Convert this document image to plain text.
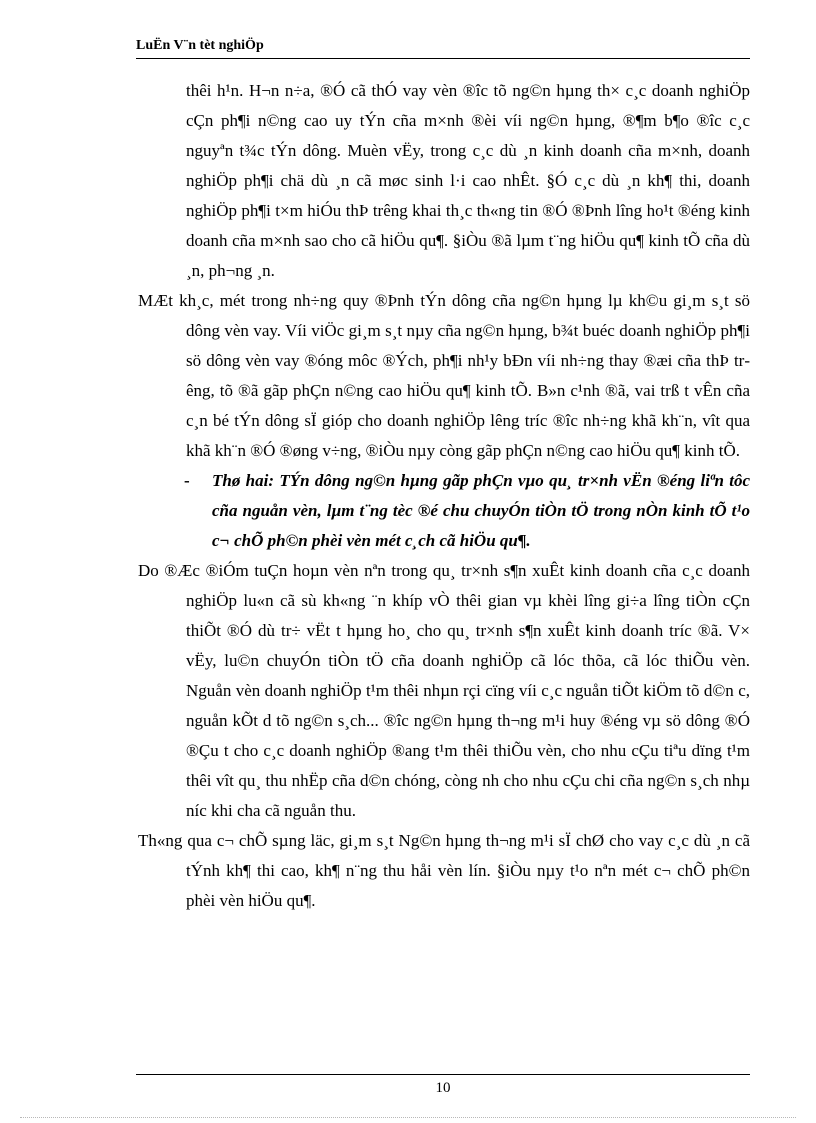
LuËn V¨n tèt nghiÖp

thêi h¹n. H¬n n÷a, ®Ó cã thÓ vay vèn ®îc tõ ng©n hµng th× c¸c doanh nghiÖp cÇn ph¶i n©ng cao uy tÝn cña m×nh ®èi víi ng©n hµng, ®¶m b¶o ®îc c¸c nguyªn t¾c tÝn dông. Muèn vËy, trong c¸c dù ¸n kinh doanh cña m×nh, doanh nghiÖp ph¶i chä dù ¸n cã møc sinh l·i cao nhÊt. §Ó c¸c dù ¸n kh¶ thi, doanh nghiÖp ph¶i t×m hiÓu thÞ trêng khai th¸c th«ng tin ®Ó ®Þnh lîng ho¹t ®éng kinh doanh cña m×nh sao cho cã hiÖu qu¶. §iÒu ®ã lµm t¨ng hiÖu qu¶ kinh tÕ cña dù ¸n, ph¬ng ¸n.

MÆt kh¸c, mét trong nh÷ng quy ®Þnh tÝn dông cña ng©n hµng lµ kh©u gi¸m s¸t sö dông vèn vay. Víi viÖc gi¸m s¸t nµy cña ng©n hµng, b¾t buéc doanh nghiÖp ph¶i sö dông vèn vay ®óng môc ®Ých, ph¶i nh¹y bÐn víi nh÷ng thay ®æi cña thÞ trêng, tõ ®ã gãp phÇn n©ng cao hiÖu qu¶ kinh tÕ. B»n c¹nh ®ã, vai trß t vÊn cña c¸n bé tÝn dông sÏ gióp cho doanh nghiÖp lêng tríc ®îc nh÷ng khã kh¨n, vît qua khã kh¨n ®Ó ®øng v÷ng, ®iÒu nµy còng gãp phÇn n©ng cao hiÖu qu¶ kinh tÕ.

- Thø hai: TÝn dông ng©n hµng gãp phÇn vµo qu¸ tr×nh vËn ®éng liªn tôc cña nguån vèn, lµm t¨ng tèc ®é chu chuyÓn tiÒn tÖ trong nÒn kinh tÕ t¹o c¬ chÕ ph©n phèi vèn mét c¸ch cã hiÖu qu¶.

Do ®Æc ®iÓm tuÇn hoµn vèn nªn trong qu¸ tr×nh s¶n xuÊt kinh doanh cña c¸c doanh nghiÖp lu«n cã sù kh«ng ¨n khíp vÒ thêi gian vµ khèi lîng gi÷a lîng tiÒn cÇn thiÕt ®Ó dù tr÷ vËt t hµng ho¸ cho qu¸ tr×nh s¶n xuÊt kinh doanh tríc ®ã. V× vËy, lu©n chuyÓn tiÒn tÖ cña doanh nghiÖp cã lóc thõa, cã lóc thiÕu vèn. Nguån vèn doanh nghiÖp t¹m thêi nhµn rçi cïng víi c¸c nguån tiÕt kiÖm tõ d©n c, nguån kÕt d tõ ng©n s¸ch... ®îc ng©n hµng th¬ng m¹i huy ®éng vµ sö dông ®Ó ®Çu t cho c¸c doanh nghiÖp ®ang t¹m thêi thiÕu vèn, cho nhu cÇu tiªu dïng t¹m thêi vît qu¸ thu nhËp cña d©n chóng, còng nh cho nhu cÇu chi cña ng©n s¸ch nhµ níc khi cha cã nguån thu.

Th«ng qua c¬ chÕ sµng läc, gi¸m s¸t Ng©n hµng th¬ng m¹i sÏ chØ cho vay c¸c dù ¸n cã tÝnh kh¶ thi cao, kh¶ n¨ng thu håi vèn lín. §iÒu nµy t¹o nªn mét c¬ chÕ ph©n phèi vèn hiÖu qu¶.

10
